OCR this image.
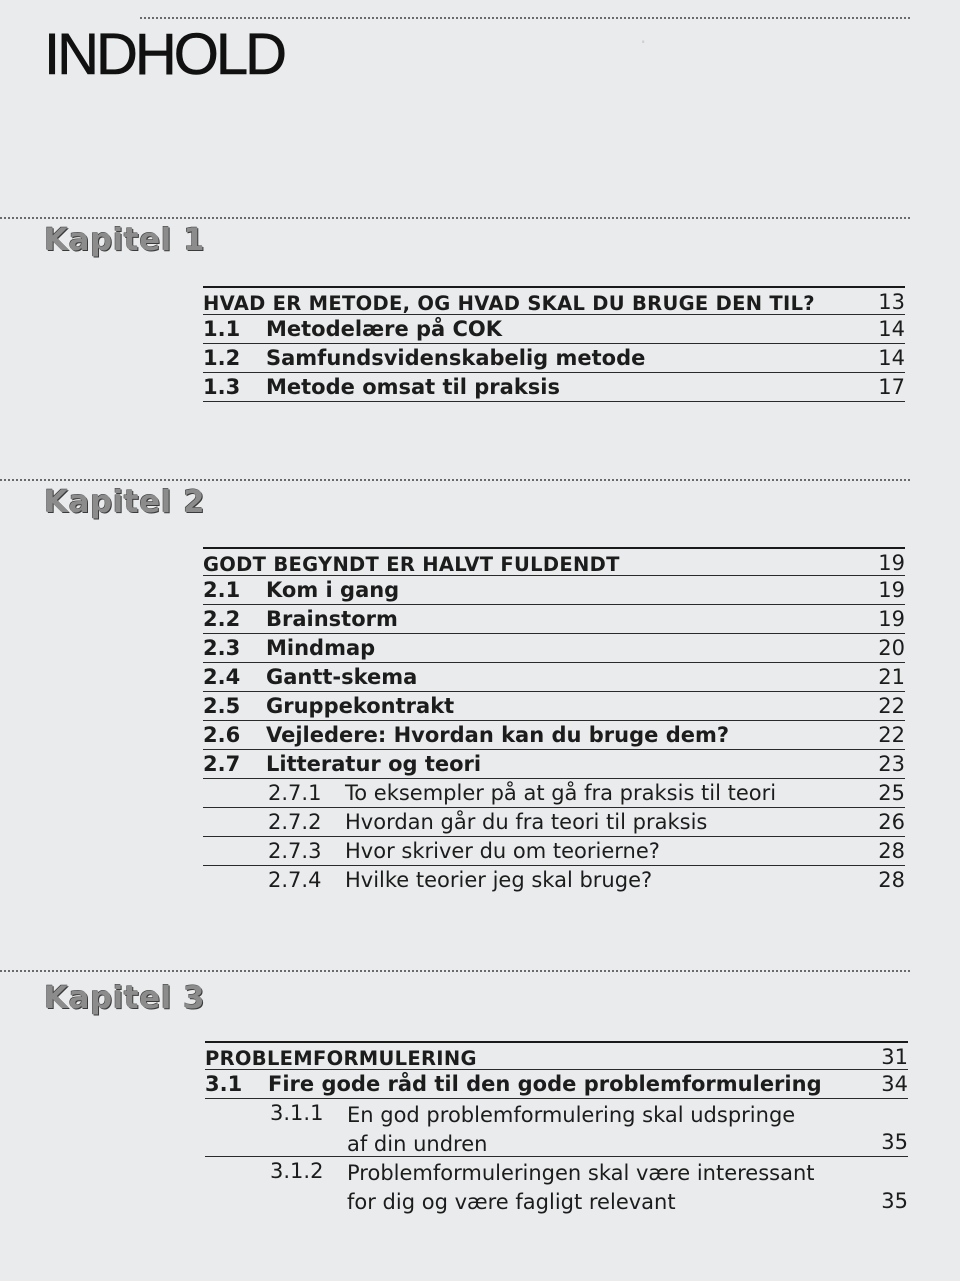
INDHOLD	·
Kapitel 1
HVAD ER METODE, OG HVAD SKAL DU BRUGE DEN TIL?	13
1.1 Metodelære på COK	14
1.2 Samfundsvidenskabelig metode	14
1.3 Metode omsat til praksis	17
Kapitel 2
GODT BEGYNDT ER HALVT FULDENDT	19
2.1 Kom i gang	19
2.2 Brainstorm	19
2.3 Mindmap	20
2.4 Gantt-skema	21
2.5 Gruppekontrakt	22
2.6 Vejledere: Hvordan kan du bruge dem?	22
2.7 Litteratur og teori	23
2.7.1 To eksempler på at gå fra praksis til teori	25
2.7.2 Hvordan går du fra teori til praksis	26
2.7.3 Hvor skriver du om teorierne?	28
2.7.4 Hvilke teorier jeg skal bruge?	28
Kapitel 3
PROBLEMFORMULERING	31
3.1 Fire gode råd til den gode problemformulering	34
3.1.1 En god problemformulering skal udspringe af din undren	35
3.1.2 Problemformuleringen skal være interessant for dig og være fagligt relevant	35
